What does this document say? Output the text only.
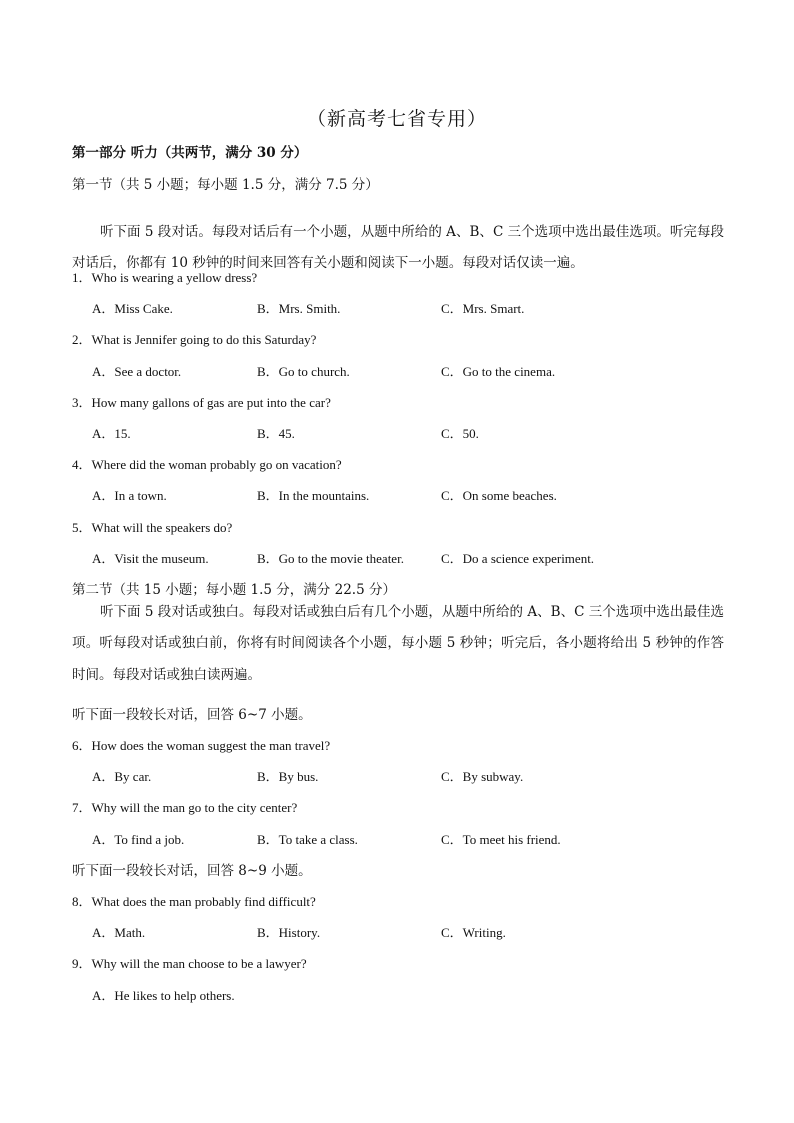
（新高考七省专用）
第一部分 听力（共两节，满分 30 分）
第一节（共 5 小题；每小题 1.5 分，满分 7.5 分）
听下面 5 段对话。每段对话后有一个小题，从题中所给的 A、B、C 三个选项中选出最佳选项。听完每段对话后，你都有 10 秒钟的时间来回答有关小题和阅读下一小题。每段对话仅读一遍。
1．Who is wearing a yellow dress?
A．Miss Cake.	B．Mrs. Smith.	C．Mrs. Smart.
2．What is Jennifer going to do this Saturday?
A．See a doctor.	B．Go to church.	C．Go to the cinema.
3．How many gallons of gas are put into the car?
A．15.	B．45.	C．50.
4．Where did the woman probably go on vacation?
A．In a town.	B．In the mountains.	C．On some beaches.
5．What will the speakers do?
A．Visit the museum.	B．Go to the movie theater.	C．Do a science experiment.
第二节（共 15 小题；每小题 1.5 分，满分 22.5 分）
听下面 5 段对话或独白。每段对话或独白后有几个小题，从题中所给的 A、B、C 三个选项中选出最佳选项。听每段对话或独白前，你将有时间阅读各个小题，每小题 5 秒钟；听完后，各小题将给出 5 秒钟的作答时间。每段对话或独白读两遍。
听下面一段较长对话，回答 6~7 小题。
6．How does the woman suggest the man travel?
A．By car.	B．By bus.	C．By subway.
7．Why will the man go to the city center?
A．To find a job.	B．To take a class.	C．To meet his friend.
听下面一段较长对话，回答 8~9 小题。
8．What does the man probably find difficult?
A．Math.	B．History.	C．Writing.
9．Why will the man choose to be a lawyer?
A．He likes to help others.
